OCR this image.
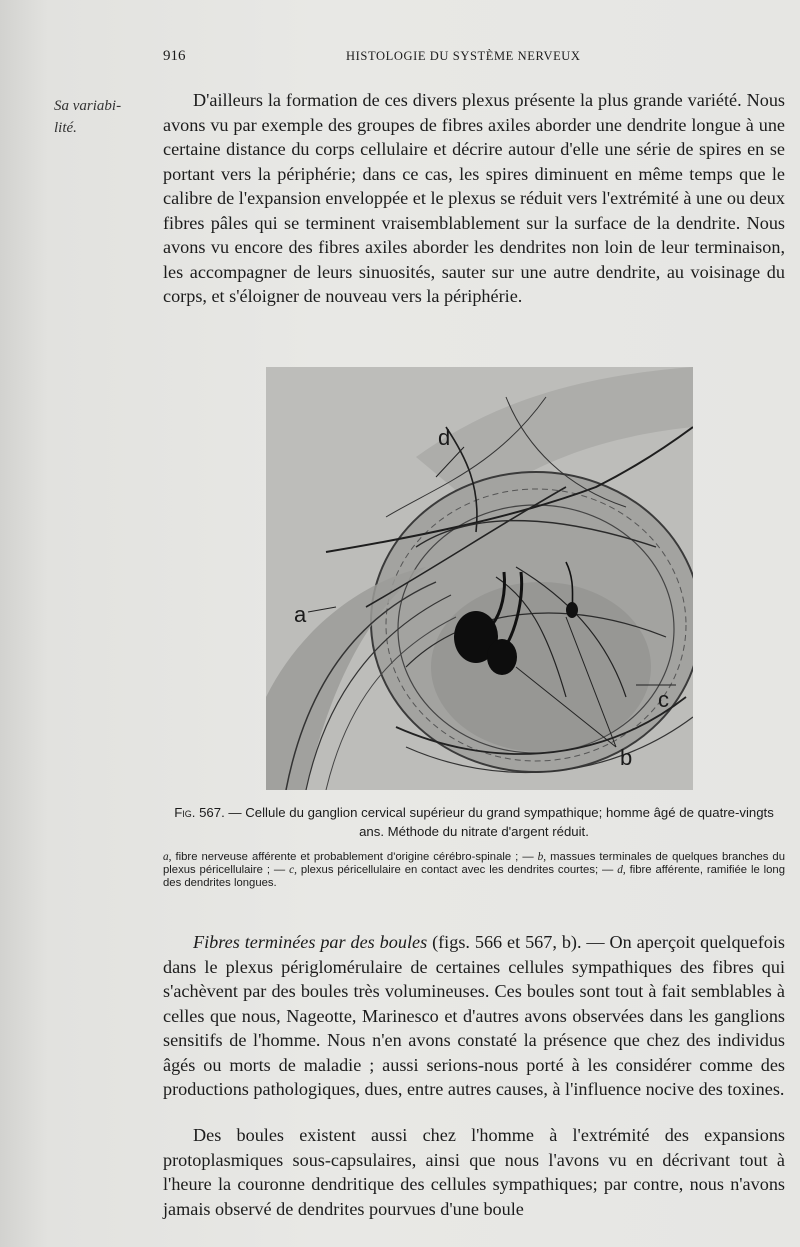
916	HISTOLOGIE DU SYSTÈME NERVEUX
Sa variabi-
lité.

D'ailleurs la formation de ces divers plexus présente la plus grande variété. Nous avons vu par exemple des groupes de fibres axiles aborder une dendrite longue à une certaine distance du corps cellulaire et décrire autour d'elle une série de spires en se portant vers la périphérie; dans ce cas, les spires diminuent en même temps que le calibre de l'expansion enveloppée et le plexus se réduit vers l'extrémité à une ou deux fibres pâles qui se terminent vraisemblablement sur la surface de la dendrite. Nous avons vu encore des fibres axiles aborder les dendrites non loin de leur terminaison, les accompagner de leurs sinuosités, sauter sur une autre dendrite, au voisinage du corps, et s'éloigner de nouveau vers la périphérie.

d
a
c
b

Fig. 567. — Cellule du ganglion cervical supérieur du grand sympathique; homme âgé de quatre-vingts ans. Méthode du nitrate d'argent réduit.

a, fibre nerveuse afférente et probablement d'origine cérébro-spinale ; — b, massues terminales de quelques branches du plexus péricellulaire ; — c, plexus péricellulaire en contact avec les dendrites courtes; — d, fibre afférente, ramifiée le long des dendrites longues.

Fibres terminées par des boules (figs. 566 et 567, b). — On aperçoit quelquefois dans le plexus périglomérulaire de certaines cellules sympathiques des fibres qui s'achèvent par des boules très volumineuses. Ces boules sont tout à fait semblables à celles que nous, Nageotte, Marinesco et d'autres avons observées dans les ganglions sensitifs de l'homme. Nous n'en avons constaté la présence que chez des individus âgés ou morts de maladie ; aussi serions-nous porté à les considérer comme des productions pathologiques, dues, entre autres causes, à l'influence nocive des toxines.

Des boules existent aussi chez l'homme à l'extrémité des expansions protoplasmiques sous-capsulaires, ainsi que nous l'avons vu en décrivant tout à l'heure la couronne dendritique des cellules sympathiques; par contre, nous n'avons jamais observé de dendrites pourvues d'une boule
